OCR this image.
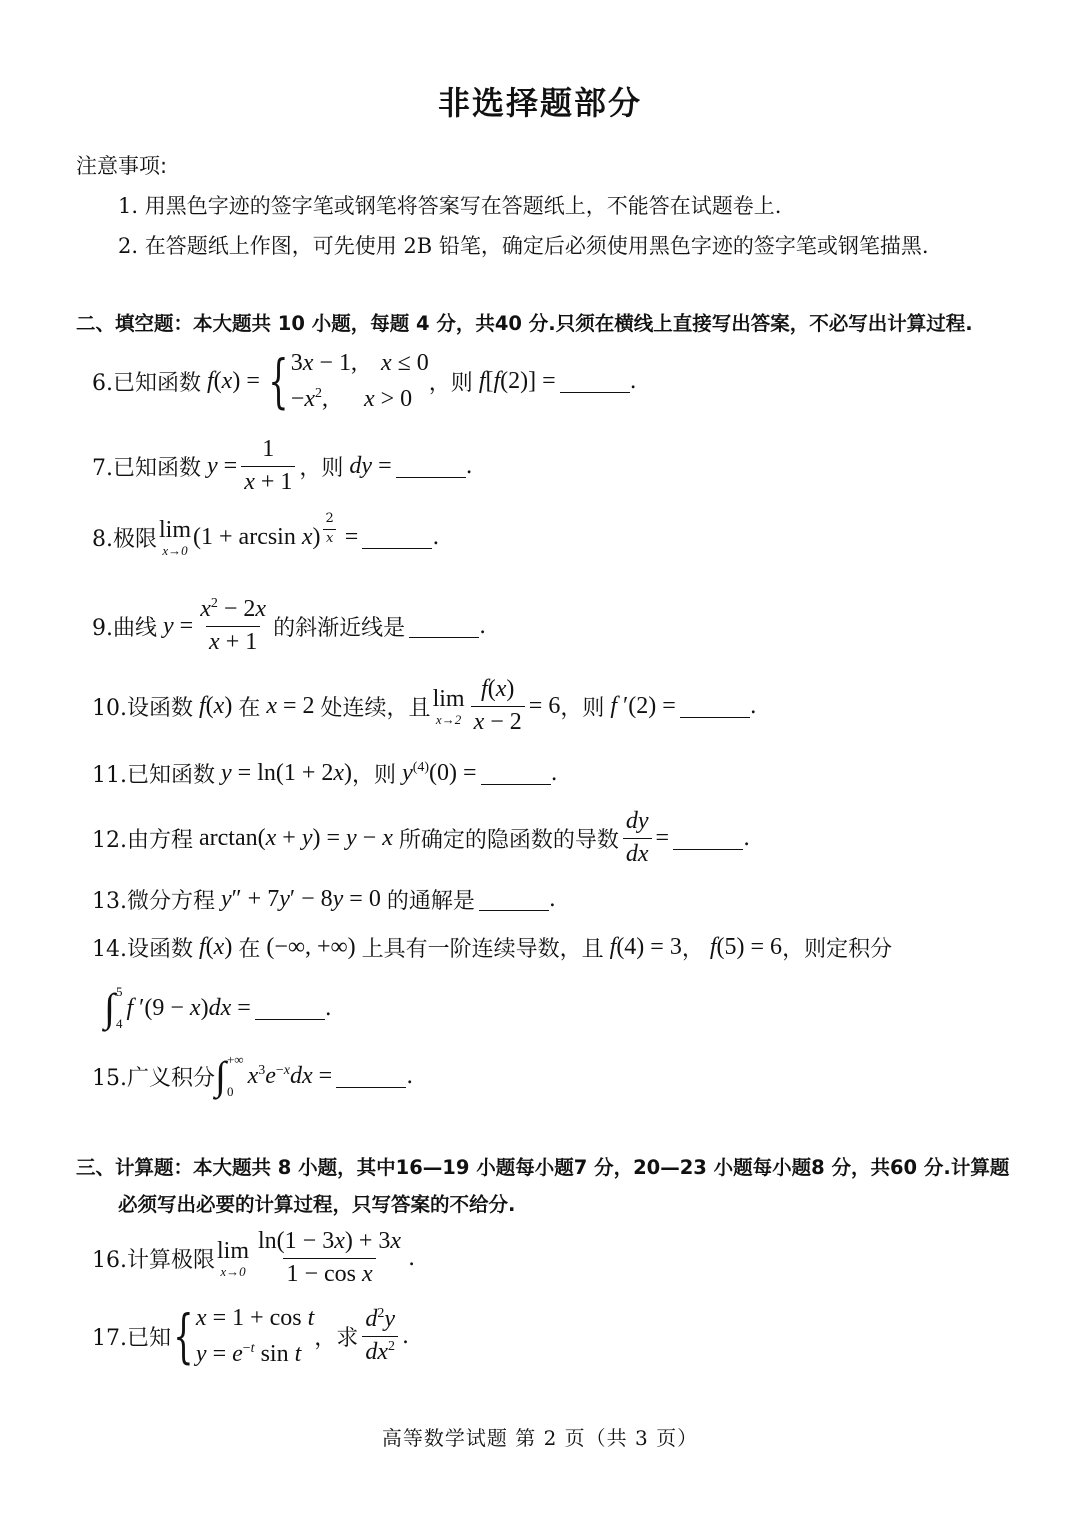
非选择题部分
注意事项:
1. 用黑色字迹的签字笔或钢笔将答案写在答题纸上，不能答在试题卷上.
2. 在答题纸上作图，可先使用 2B 铅笔，确定后必须使用黑色字迹的签字笔或钢笔描黑.
二、填空题：本大题共 10 小题，每题 4 分，共40 分.只须在横线上直接写出答案，不必写出计算过程.
6.已知函数 f(x) = { 3x − 1,    x ≤ 0
$-x^2$,      x > 0
，则 f[f(2)] =	.
7.已知函数 $y = \frac{1}{x + 1}$ ，则 dy =	.
8.极限 lim
x→0
$(1 + \arcsin x) \frac{2}{x}$ =	.
9.曲线 $y = \frac{x^2 - 2x}{x + 1}$ 的斜渐近线是	.
10.设函数 f(x) 在 x = 2 处连续，且 lim
$x\to 2 \frac{f(x)}{x - 2} = 6$ ，则 f ′(2) =	.
11.已知函数 y = ln(1 + 2x) ，则 $y^{(4)}(0)$ =	.
12.由方程 arctan(x + y) = y − x 所确定的隐函数的导数 $\frac{dy}{dx}$ =	.
13.微分方程 y″ + 7y′ − 8y = 0 的通解是	.
14.设函数 f(x) 在 (−∞, +∞) 上具有一阶连续导数，且 f(4) = 3 ， f(5) = 6 ，则定积分
∫ 5
4
f ′(9 − x)dx =	.
15.广义积分 ∫ +∞
0
$x^3e^{-x}dx$ =	.
三、计算题：本大题共 8 小题，其中16—19 小题每小题7 分，20—23 小题每小题8 分，共60 分.计算题
必须写出必要的计算过程，只写答案的不给分.
16.计算极限 lim
$x\to 0 \frac{\ln(1 - 3x) + 3x}{\text{1 − cos x}}$ .
17.已知 { x = 1 + cos t
$y = e^{-t}$ sin t
，求 $\frac{d^2y}{dx^2}$ .
高等数学试题 第 2 页（共 3 页）
